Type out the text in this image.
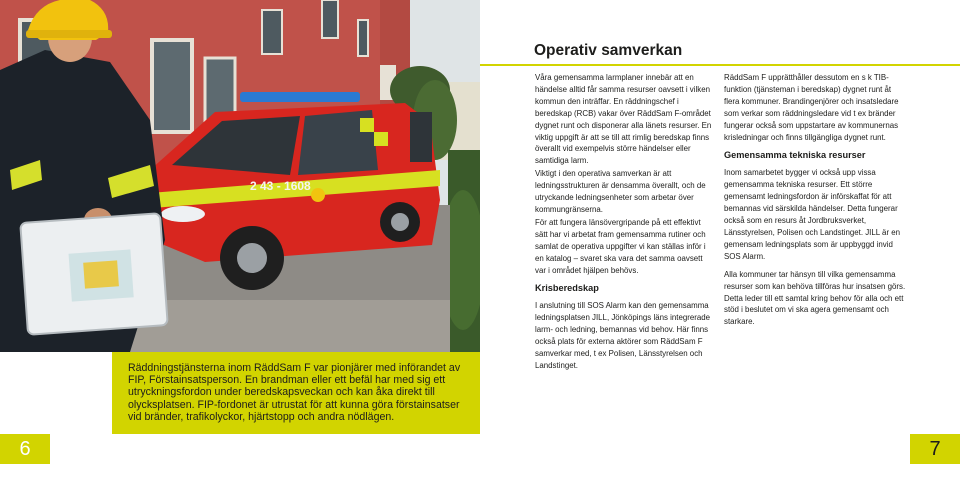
2 43 - 1608

Räddningstjänsterna inom RäddSam F var pionjärer med införandet av FIP, Förstainsatsperson. En brandman eller ett befäl har med sig ett utryckningsfordon under beredskapsveckan och kan åka direkt till olycksplatsen. FIP-fordonet är utrustat för att kunna göra förstainsatser vid bränder, trafikolyckor, hjärtstopp och andra nödlägen.

6
Operativ samverkan

Våra gemensamma larmplaner innebär att en händelse alltid får samma resurser oavsett i vilken kommun den inträffar. En räddningschef i beredskap (RCB) vakar över RäddSam F-området dygnet runt och disponerar alla länets resurser. En viktig uppgift är att se till att rimlig beredskap finns överallt vid exempelvis större händelser eller samtidiga larm.

Viktigt i den operativa samverkan är att ledningsstrukturen är densamma överallt, och de utryckande ledningsenheter som arbetar över kommungränserna.

För att fungera länsövergripande på ett effektivt sätt har vi arbetat fram gemensamma rutiner och samlat de operativa uppgifter vi kan ställas inför i en katalog – svaret ska vara det samma oavsett var i området hjälpen behövs.

Krisberedskap

I anslutning till SOS Alarm kan den gemensamma ledningsplatsen JILL, Jönköpings läns integrerade larm- och ledning, bemannas vid behov. Här finns också plats för externa aktörer som RäddSam F samverkar med, t ex Polisen, Länsstyrelsen och Landstinget.

RäddSam F upprätthåller dessutom en s k TIB-funktion (tjänsteman i beredskap) dygnet runt åt flera kommuner. Brandingenjörer och insatsledare som verkar som räddningsledare vid t ex bränder fungerar också som uppstartare av kommunernas krisledningar och finns tillgängliga dygnet runt.

Gemensamma tekniska resurser

Inom samarbetet bygger vi också upp vissa gemensamma tekniska resurser. Ett större gemensamt ledningsfordon är införskaffat för att bemannas vid särskilda händelser. Detta fungerar också som en resurs åt Jordbruksverket, Länsstyrelsen, Polisen och Landstinget. JILL är en gemensam ledningsplats som är uppbyggd invid SOS Alarm.

Alla kommuner tar hänsyn till vilka gemensamma resurser som kan behöva tillföras hur insatsen görs. Detta leder till ett samtal kring behov för alla och ett stöd i beslutet om vi ska agera gemensamt och starkare.

7
